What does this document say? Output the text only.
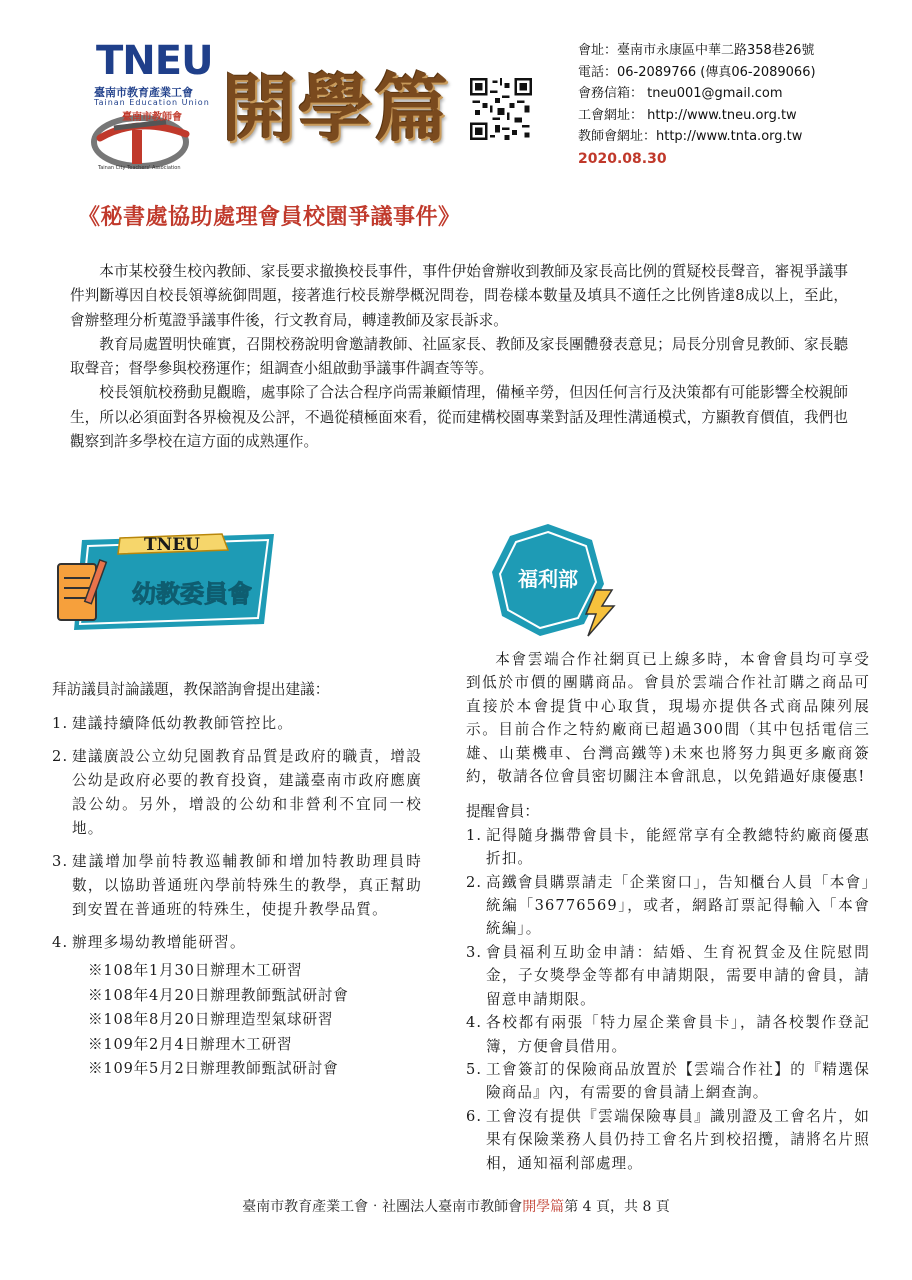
TNEU
臺南市教育產業工會
Tainan Education Union
臺南市教師會
Tainan City Teachers' Association
開學篇
會址：臺南市永康區中華二路358巷26號
電話：06-2089766 (傳真06-2089066)
會務信箱： tneu001@gmail.com
工會網址： http://www.tneu.org.tw
教師會網址：http://www.tnta.org.tw
2020.08.30
《秘書處協助處理會員校園爭議事件》

本市某校發生校內教師、家長要求撤換校長事件，事件伊始會辦收到教師及家長高比例的質疑校長聲音，審視爭議事件判斷導因自校長領導統御問題，接著進行校長辦學概況問卷，問卷樣本數量及填具不適任之比例皆達8成以上，至此，會辦整理分析蒐證爭議事件後，行文教育局，轉達教師及家長訴求。

教育局處置明快確實，召開校務說明會邀請教師、社區家長、教師及家長團體發表意見；局長分別會見教師、家長聽取聲音；督學參與校務運作；組調查小組啟動爭議事件調查等等。

校長領航校務動見觀瞻，處事除了合法合程序尚需兼顧情理，備極辛勞，但因任何言行及決策都有可能影響全校親師生，所以必須面對各界檢視及公評，不過從積極面來看，從而建構校園專業對話及理性溝通模式，方顯教育價值，我們也觀察到許多學校在這方面的成熟運作。

TNEU
幼教委員會
福利部
拜訪議員討論議題，教保諮詢會提出建議：
1. 建議持續降低幼教教師管控比。
2. 建議廣設公立幼兒園教育品質是政府的職責，增設公幼是政府必要的教育投資，建議臺南市政府應廣設公幼。另外，增設的公幼和非營利不宜同一校地。
3. 建議增加學前特教巡輔教師和增加特教助理員時數，以協助普通班內學前特殊生的教學，真正幫助到安置在普通班的特殊生，使提升教學品質。
4. 辦理多場幼教增能研習。
※108年1月30日辦理木工研習
※108年4月20日辦理教師甄試研討會
※108年8月20日辦理造型氣球研習
※109年2月4日辦理木工研習
※109年5月2日辦理教師甄試研討會
本會雲端合作社網頁已上線多時，本會會員均可享受到低於市價的團購商品。會員於雲端合作社訂購之商品可直接於本會提貨中心取貨，現場亦提供各式商品陳列展示。目前合作之特約廠商已超過300間（其中包括電信三雄、山葉機車、台灣高鐵等)未來也將努力與更多廠商簽約，敬請各位會員密切關注本會訊息，以免錯過好康優惠!
提醒會員：
1. 記得隨身攜帶會員卡，能經常享有全教總特約廠商優惠折扣。
2. 高鐵會員購票請走「企業窗口」，告知櫃台人員「本會」統編「36776569」，或者，網路訂票記得輸入「本會統編」。
3. 會員福利互助金申請：結婚、生育祝賀金及住院慰問金，子女獎學金等都有申請期限，需要申請的會員，請留意申請期限。
4. 各校都有兩張「特力屋企業會員卡」，請各校製作登記簿，方便會員借用。
5. 工會簽訂的保險商品放置於【雲端合作社】的『精選保險商品』內，有需要的會員請上網查詢。
6. 工會沒有提供『雲端保險專員』識別證及工會名片，如果有保險業務人員仍持工會名片到校招攬，請將名片照相，通知福利部處理。
臺南市教育產業工會‧社團法人臺南市教師會開學篇第 4 頁，共 8 頁
